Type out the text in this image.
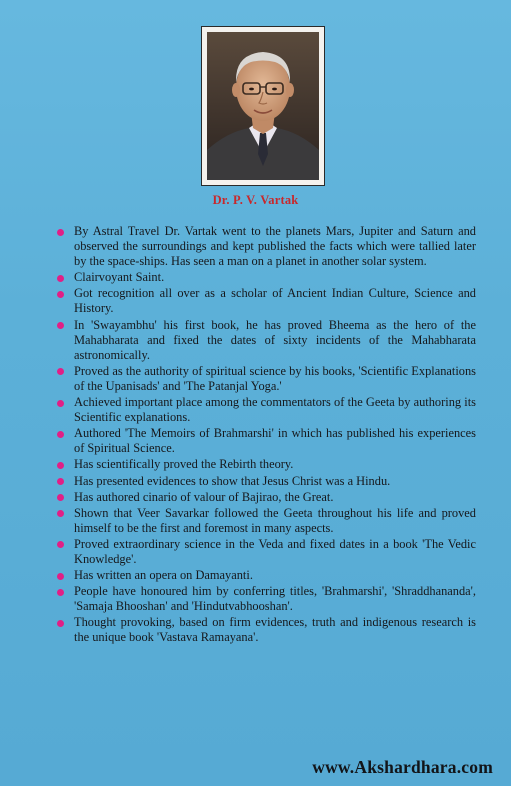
Dr. P. V. Vartak
By Astral Travel Dr. Vartak went to the planets Mars, Jupiter and Saturn and observed the surroundings and kept published the facts which were tallied later by the space-ships. Has seen a man on a planet in another solar system.
Clairvoyant Saint.
Got recognition all over as a scholar of Ancient Indian Culture, Science and History.
In 'Swayambhu' his first book, he has proved Bheema as the hero of the Mahabharata and fixed the dates of sixty incidents of the Mahabharata astronomically.
Proved as the authority of spiritual science by his books, 'Scientific Explanations of the Upanisads' and 'The Patanjal Yoga.'
Achieved important place among the commentators of the Geeta by authoring its Scientific explanations.
Authored 'The Memoirs of Brahmarshi' in which has published his experiences of Spiritual Science.
Has scientifically proved the Rebirth theory.
Has presented evidences to show that Jesus Christ was a Hindu.
Has authored cinario of valour of Bajirao, the Great.
Shown that Veer Savarkar followed the Geeta throughout his life and proved himself to be the first and foremost in many aspects.
Proved extraordinary science in the Veda and fixed dates in a book 'The Vedic Knowledge'.
Has written an opera on Damayanti.
People have honoured him by conferring titles, 'Brahmarshi', 'Shraddhananda', 'Samaja Bhooshan' and 'Hindutvabhooshan'.
Thought provoking, based on firm evidences, truth and indigenous research is the unique book 'Vastava Ramayana'.
www.Akshardhara.com
